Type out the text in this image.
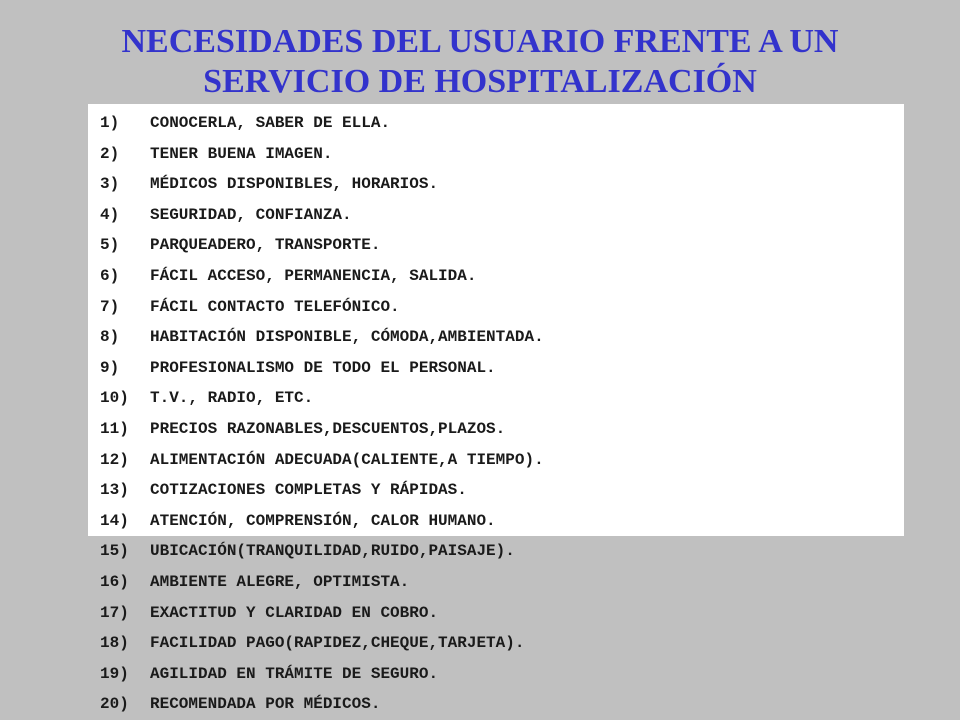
NECESIDADES DEL USUARIO FRENTE A UN
SERVICIO DE HOSPITALIZACIÓN
1)	CONOCERLA, SABER DE ELLA.
2)	TENER BUENA IMAGEN.
3)	MÉDICOS DISPONIBLES, HORARIOS.
4)	SEGURIDAD, CONFIANZA.
5)	PARQUEADERO, TRANSPORTE.
6)	FÁCIL ACCESO, PERMANENCIA, SALIDA.
7)	FÁCIL CONTACTO TELEFÓNICO.
8)	HABITACIÓN DISPONIBLE, CÓMODA,AMBIENTADA.
9)	PROFESIONALISMO DE TODO EL PERSONAL.
10)	T.V., RADIO, ETC.
11)	PRECIOS RAZONABLES,DESCUENTOS,PLAZOS.
12)	ALIMENTACIÓN ADECUADA(CALIENTE,A TIEMPO).
13)	COTIZACIONES COMPLETAS Y RÁPIDAS.
14)	ATENCIÓN, COMPRENSIÓN, CALOR HUMANO.
15)	UBICACIÓN(TRANQUILIDAD,RUIDO,PAISAJE).
16)	AMBIENTE ALEGRE, OPTIMISTA.
17)	EXACTITUD Y CLARIDAD EN COBRO.
18)	FACILIDAD PAGO(RAPIDEZ,CHEQUE,TARJETA).
19)	AGILIDAD EN TRÁMITE DE SEGURO.
20)	RECOMENDADA POR MÉDICOS.
